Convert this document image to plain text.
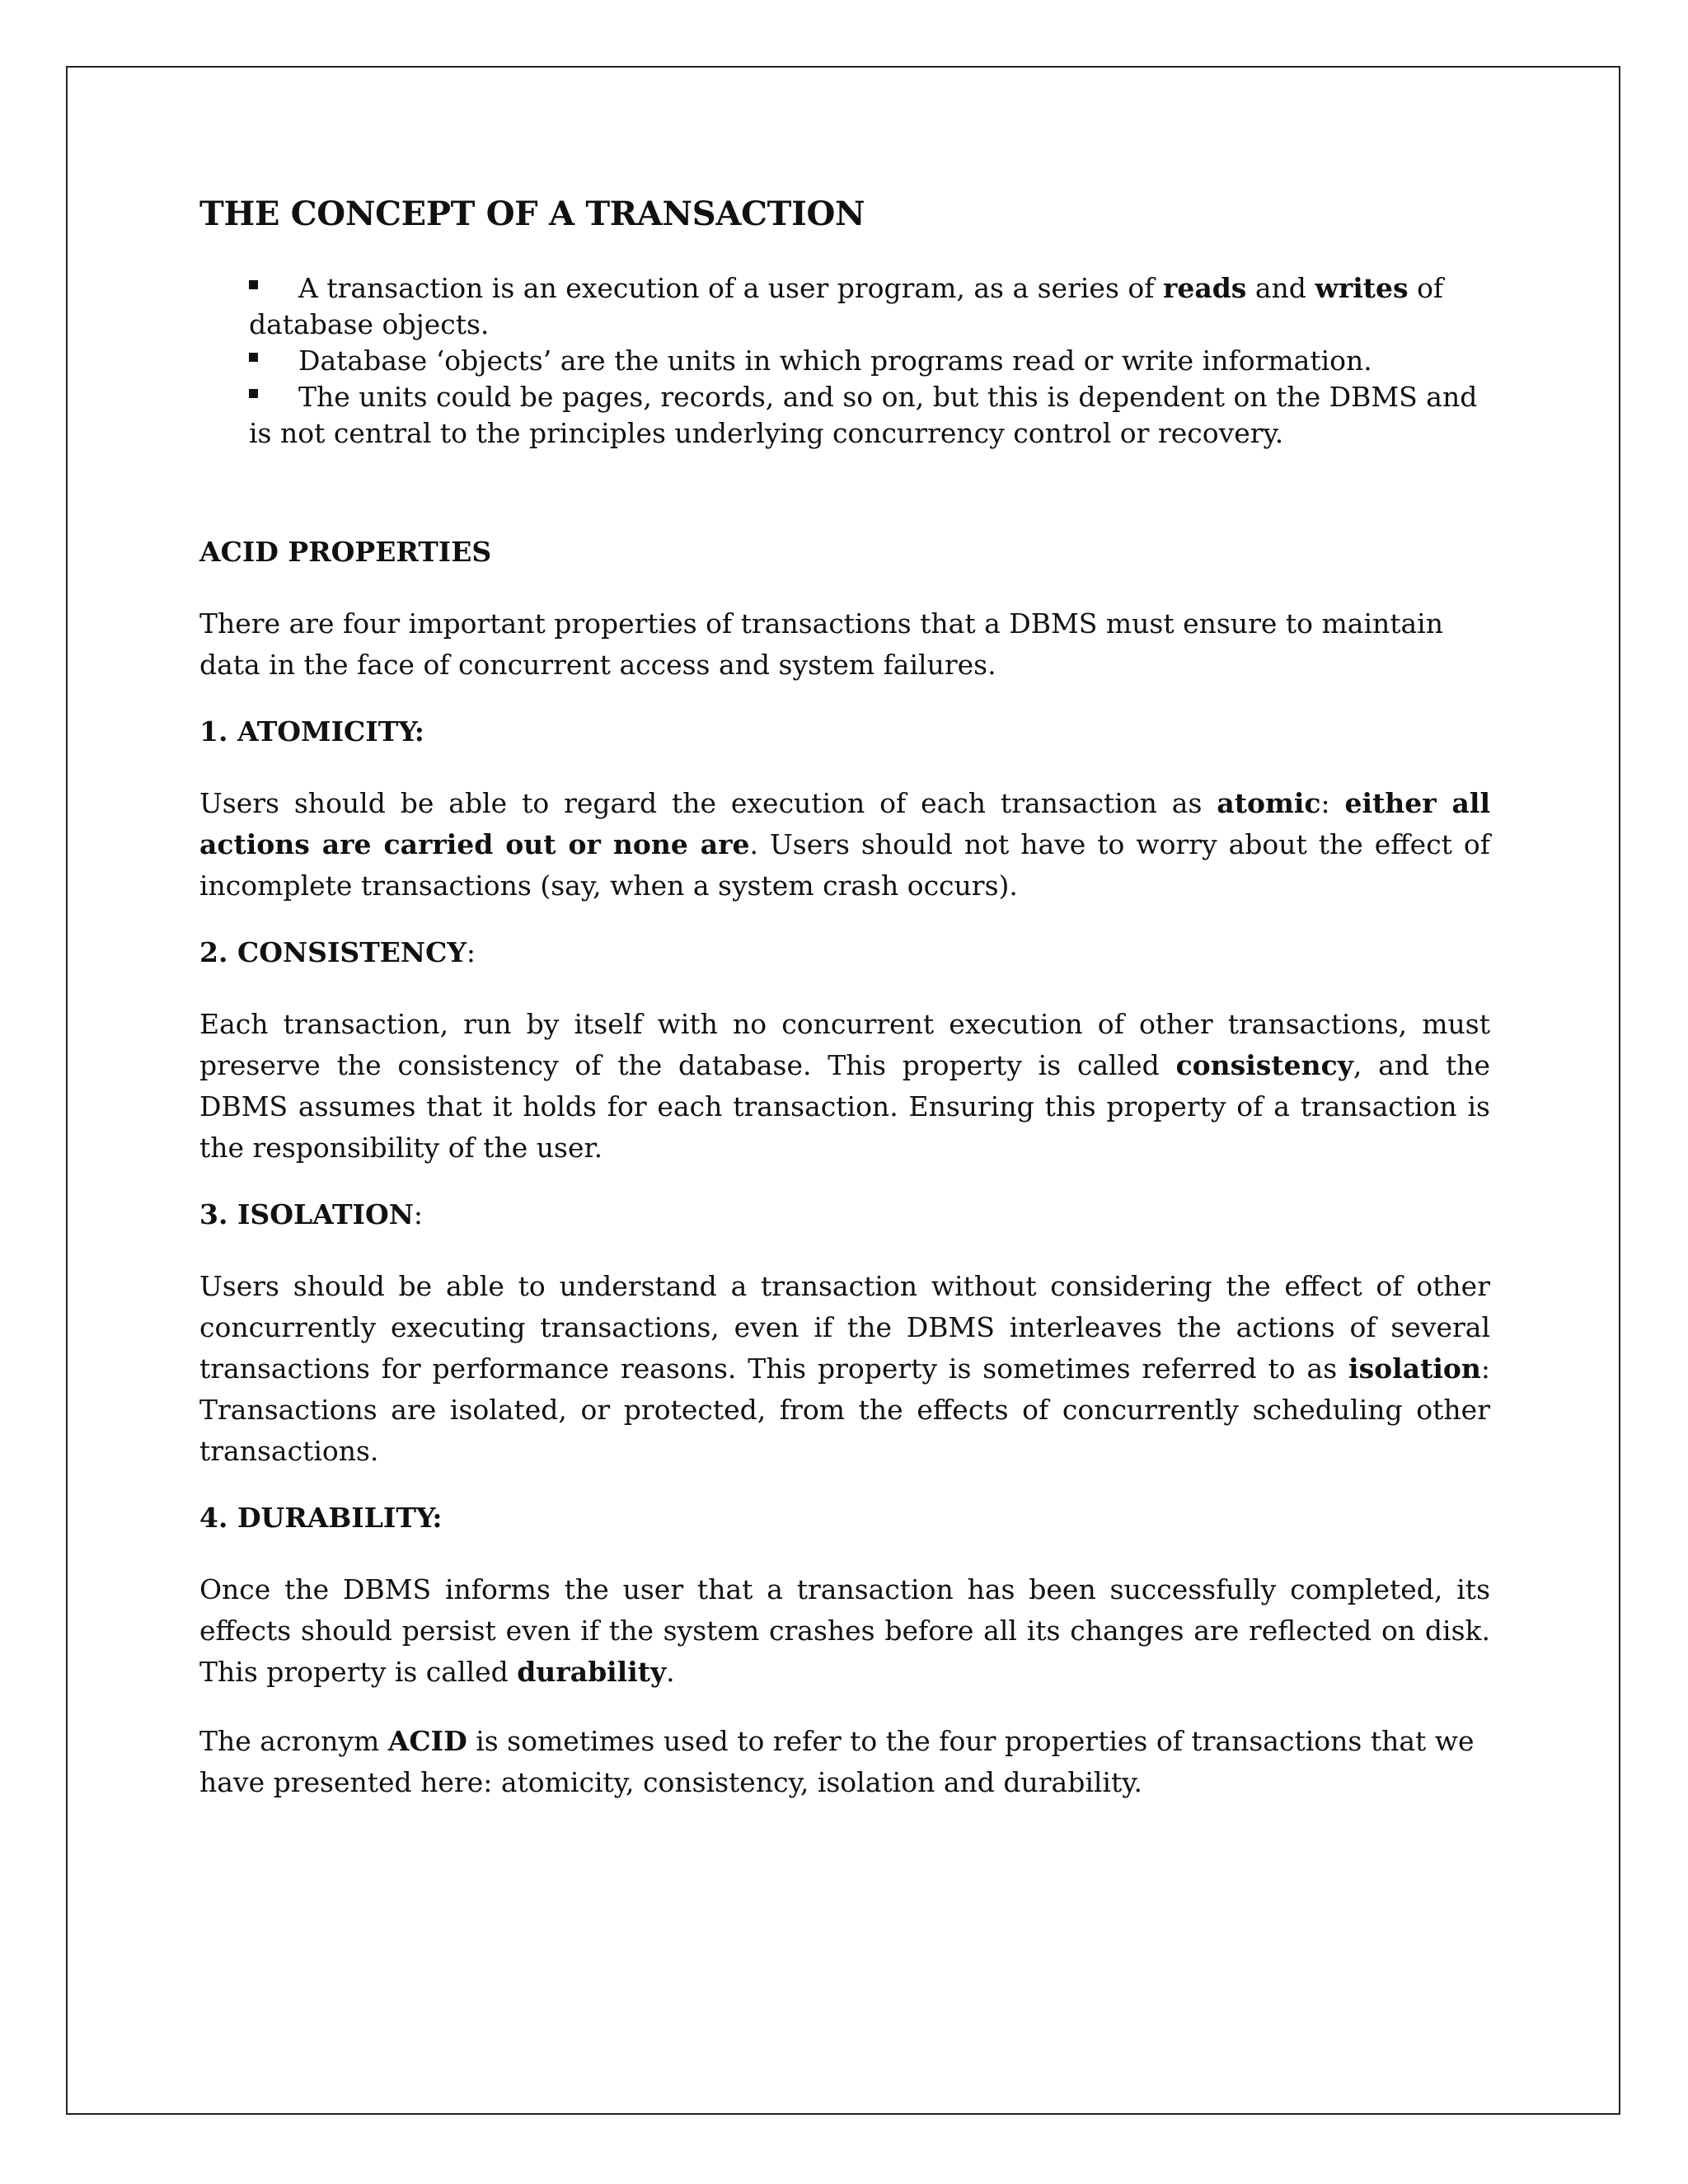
THE CONCEPT OF A TRANSACTION
A transaction is an execution of a user program, as a series of reads and writes of database objects.
Database ‘objects’ are the units in which programs read or write information.
The units could be pages, records, and so on, but this is dependent on the DBMS and is not central to the principles underlying concurrency control or recovery.
ACID PROPERTIES

There are four important properties of transactions that a DBMS must ensure to maintain data in the face of concurrent access and system failures.

1. ATOMICITY:

Users should be able to regard the execution of each transaction as atomic: either all actions are carried out or none are. Users should not have to worry about the effect of incomplete transactions (say, when a system crash occurs).

2. CONSISTENCY:

Each transaction, run by itself with no concurrent execution of other transactions, must preserve the consistency of the database. This property is called consistency, and the DBMS assumes that it holds for each transaction. Ensuring this property of a transaction is the responsibility of the user.

3. ISOLATION:

Users should be able to understand a transaction without considering the effect of other concurrently executing transactions, even if the DBMS interleaves the actions of several transactions for performance reasons. This property is sometimes referred to as isolation: Transactions are isolated, or protected, from the effects of concurrently scheduling other transactions.

4. DURABILITY:

Once the DBMS informs the user that a transaction has been successfully completed, its effects should persist even if the system crashes before all its changes are reflected on disk. This property is called durability.

The acronym ACID is sometimes used to refer to the four properties of transactions that we have presented here: atomicity, consistency, isolation and durability.
